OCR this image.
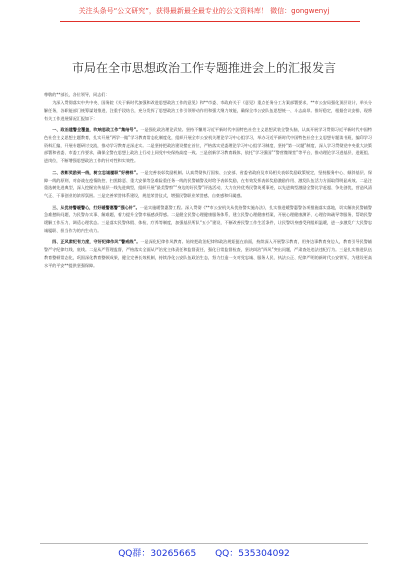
关注头条号“公文研究”，获得最新最全最专业的公文资料库！ 微信：gongwenyj
市局在全市思想政治工作专题推进会上的汇报发言
尊敬的**部长，各位领导，同志们：
为深入贯彻落实中共中央、国务院《关于新时代加强和改进思想政治工作的意见》和**市委、市政府关于《意见》重点任务分工方案部署要求，**市公安局强化顶层设计，举头分解任务，各职能部门统筹谋划推进，注重手段结合，充分发挥了思想政治工作引领带动作用和强大聚力效能，确保全市公安队伍思想统一、斗志高昂。推好稳定，根据会议安排，现将有关工作进展情况汇报如下：
一、政治建警全覆盖，吹响思政工作“集结号”。一是强化政治理论武装。坚持不懈用习近平新时代中国特色社会主义思想武装全警头脑，认真开展学习贯彻习近平新时代中国特色社会主义思想主题教育，扎实开展“两学一做”学习教育常态化制度化，组织开展全市公安机关理论学习中心组学习，举办习近平新时代中国特色社会主义思想专题读书班，编印学习资料汇编，开展专题研讨交流，推动学习教育走深走实。二是坚持把政治建设摆在首位，严格落实党委理论学习中心组学习制度，坚持“第一议题”制度，深入学习贯彻党中央重大决策部署和省委、市委工作要求，确保全警在思想上政治上行动上同党中央保持高度一致。三是创新学习教育载体，依托“学习强国”“警营微课堂”等平台，推动理论学习进基层、进班组、进岗位，不断增强思想政治工作的针对性和实效性。
二、表彰奖励到一线，树立忠诚履职“好榜样”。一是完善表彰奖励机制。认真贯彻执行国家、公安部、省委省政府及市局相关表彰奖励政策规定，坚持服务中心、倾斜基层、保障一线的原则，对奋战在疫情防控、扫黑除恶、重大安保等急难险重任务一线的民警辅警及时给予表彰奖励，在有效发挥表彰奖励激励作用、激发队伍活力方面取得明显成效。二是注重选树先进典型，深入挖掘宣传基层一线先进典型，组织开展“最美警察”“身边的好民警”评选活动，大力宣传优秀民警英勇事迹，以先进典型激励全警比学赶超、争先创优，营造风清气正、干事创业的浓厚氛围。三是完善荣誉体系建设，规范荣誉仪式，增强民警职业荣誉感、自豪感和归属感。
三、从优待警暖警心，打好暖警惠警“强心针”。一是实施暖警惠警工程。深入贯彻《**市公安机关从优待警实施办法》，扎实推进暖警惠警各项措施落实落地，切实解决民警辅警急难愁盼问题，为民警办实事、解难题，着力提升全警幸福感获得感。二是健全民警心理健康服务体系，建立民警心理健康档案，开展心理健康测评、心理咨询疏导等服务，帮助民警缓解工作压力、调适心理状态。三是落实民警休假、体检、疗养等制度，加强基层所队“五小”建设，不断改善民警工作生活条件，让民警切身感受到组织温暖，进一步激发广大民警忠诚履职、担当作为的内生动力。
四、正风肃纪有力度，守好纪律作风“警戒线”。一是深化纪律作风教育。始终把政治纪律和政治规矩挺在前面，持续深入开展警示教育，用身边事教育身边人，教育引导民警辅警严守纪律红线、底线。二是从严管理监督，严格落实全面从严治党主体责任和监督责任，强化日常监督检查，坚决纠治“四风”突出问题，严肃查处违法违纪行为。三是扎实推进队伍教育整顿常态化，巩固深化教育整顿成果，健全完善长效机制，持续净化公安队伍政治生态，努力打造一支对党忠诚、服务人民、执法公正、纪律严明的新时代公安铁军，为建设更高水平的平安**提供坚强保障。
QQ群：30265665 QQ：535304092
